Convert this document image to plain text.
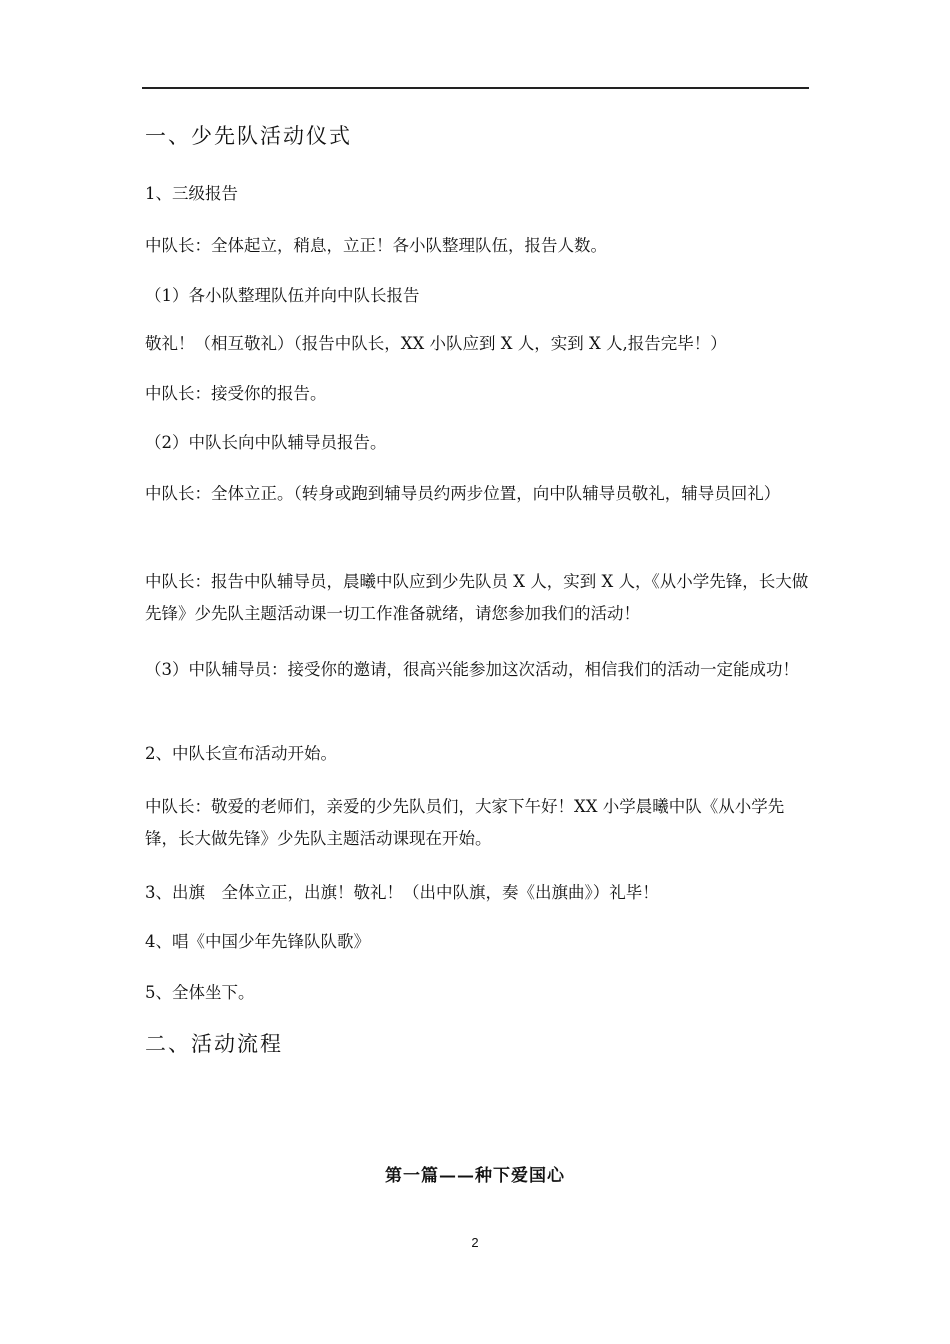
一、少先队活动仪式
1、三级报告
中队长：全体起立，稍息，立正！各小队整理队伍，报告人数。
（1）各小队整理队伍并向中队长报告
敬礼！（相互敬礼）（报告中队长，XX 小队应到 X 人，实到 X 人,报告完毕！）
中队长：接受你的报告。
（2）中队长向中队辅导员报告。
中队长：全体立正。（转身或跑到辅导员约两步位置，向中队辅导员敬礼，辅导员回礼）
中队长：报告中队辅导员，晨曦中队应到少先队员 X 人，实到 X 人，《从小学先锋，长大做先锋》少先队主题活动课一切工作准备就绪，请您参加我们的活动！
（3）中队辅导员：接受你的邀请，很高兴能参加这次活动，相信我们的活动一定能成功！
2、中队长宣布活动开始。
中队长：敬爱的老师们，亲爱的少先队员们，大家下午好！XX 小学晨曦中队《从小学先锋，长大做先锋》少先队主题活动课现在开始。
3、出旗　全体立正，出旗！敬礼！（出中队旗，奏《出旗曲》）礼毕！
4、唱《中国少年先锋队队歌》
5、全体坐下。
二、活动流程
第一篇——种下爱国心
2
